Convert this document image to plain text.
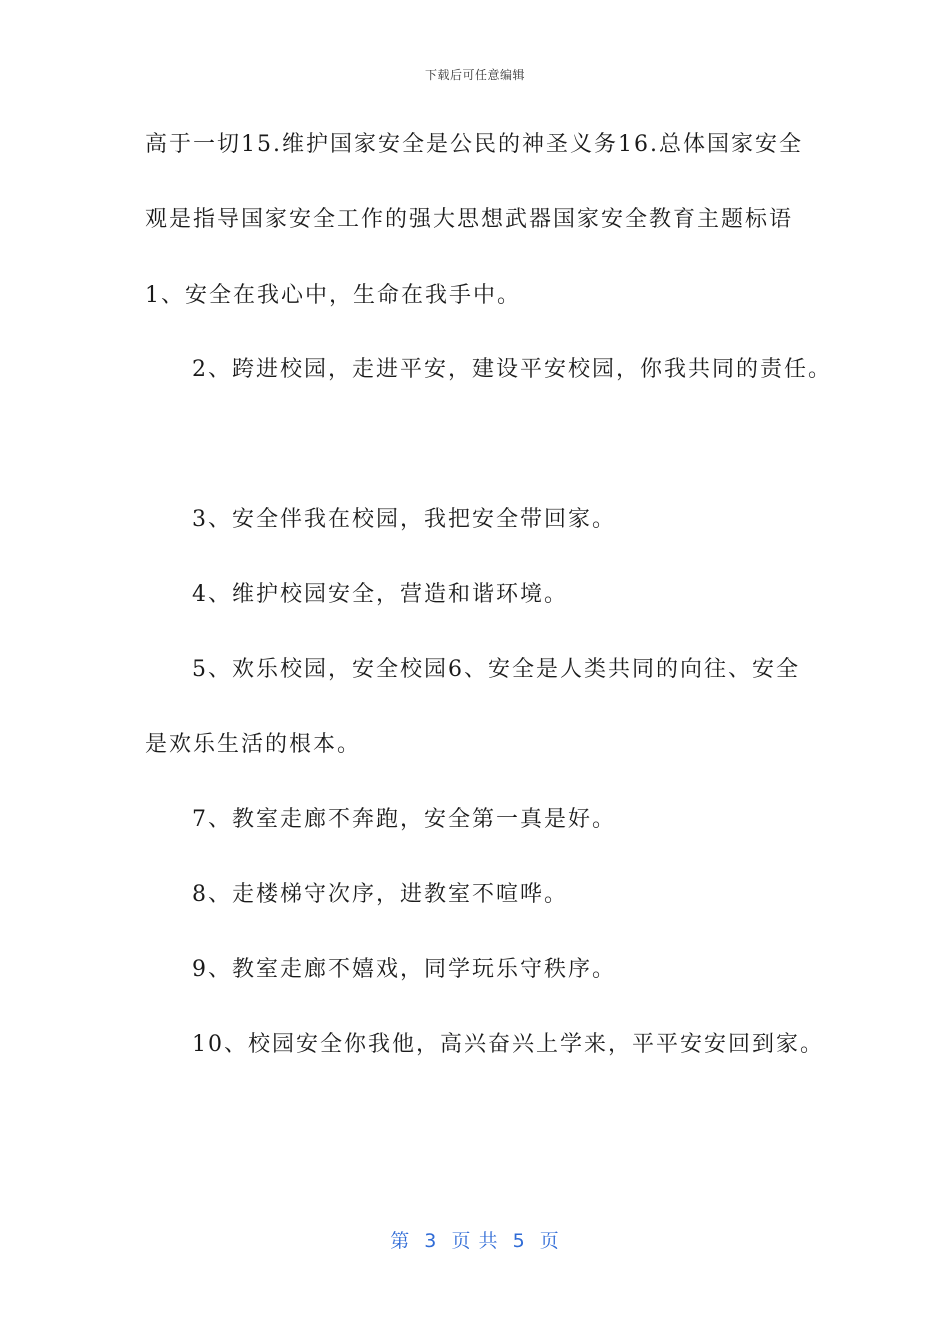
下载后可任意编辑
高于一切15.维护国家安全是公民的神圣义务16.总体国家安全
观是指导国家安全工作的强大思想武器国家安全教育主题标语
1、安全在我心中，生命在我手中。
2、跨进校园，走进平安，建设平安校园，你我共同的责任。
3、安全伴我在校园，我把安全带回家。
4、维护校园安全，营造和谐环境。
5、欢乐校园，安全校园6、安全是人类共同的向往、安全
是欢乐生活的根本。
7、教室走廊不奔跑，安全第一真是好。
8、走楼梯守次序，进教室不喧哗。
9、教室走廊不嬉戏，同学玩乐守秩序。
10、校园安全你我他，高兴奋兴上学来，平平安安回到家。
第  3  页 共  5  页
